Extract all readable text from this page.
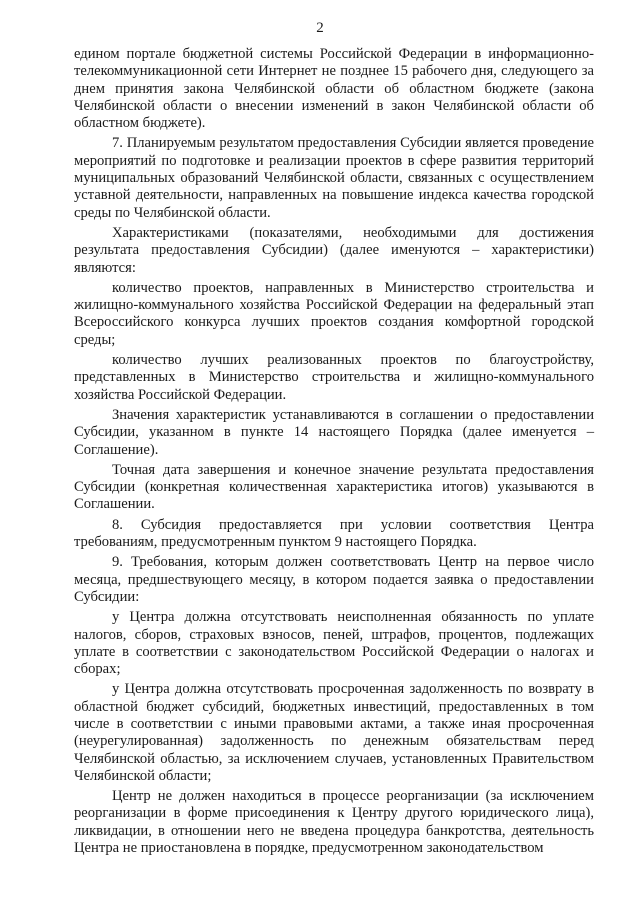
2

едином портале бюджетной системы Российской Федерации в информационно-телекоммуникационной сети Интернет не позднее 15 рабочего дня, следующего за днем принятия закона Челябинской области об областном бюджете (закона Челябинской области о внесении изменений в закон Челябинской области об областном бюджете).

7. Планируемым результатом предоставления Субсидии является проведение мероприятий по подготовке и реализации проектов в сфере развития территорий муниципальных образований Челябинской области, связанных с осуществлением уставной деятельности, направленных на повышение индекса качества городской среды по Челябинской области.

Характеристиками (показателями, необходимыми для достижения результата предоставления Субсидии) (далее именуются – характеристики) являются:

количество проектов, направленных в Министерство строительства и жилищно-коммунального хозяйства Российской Федерации на федеральный этап Всероссийского конкурса лучших проектов создания комфортной городской среды;

количество лучших реализованных проектов по благоустройству, представленных в Министерство строительства и жилищно-коммунального хозяйства Российской Федерации.

Значения характеристик устанавливаются в соглашении о предоставлении Субсидии, указанном в пункте 14 настоящего Порядка (далее именуется – Соглашение).

Точная дата завершения и конечное значение результата предоставления Субсидии (конкретная количественная характеристика итогов) указываются в Соглашении.

8. Субсидия предоставляется при условии соответствия Центра требованиям, предусмотренным пунктом 9 настоящего Порядка.

9. Требования, которым должен соответствовать Центр на первое число месяца, предшествующего месяцу, в котором подается заявка о предоставлении Субсидии:

у Центра должна отсутствовать неисполненная обязанность по уплате налогов, сборов, страховых взносов, пеней, штрафов, процентов, подлежащих уплате в соответствии с законодательством Российской Федерации о налогах и сборах;

у Центра должна отсутствовать просроченная задолженность по возврату в областной бюджет субсидий, бюджетных инвестиций, предоставленных в том числе в соответствии с иными правовыми актами, а также иная просроченная (неурегулированная) задолженность по денежным обязательствам перед Челябинской областью, за исключением случаев, установленных Правительством Челябинской области;

Центр не должен находиться в процессе реорганизации (за исключением реорганизации в форме присоединения к Центру другого юридического лица), ликвидации, в отношении него не введена процедура банкротства, деятельность Центра не приостановлена в порядке, предусмотренном законодательством
